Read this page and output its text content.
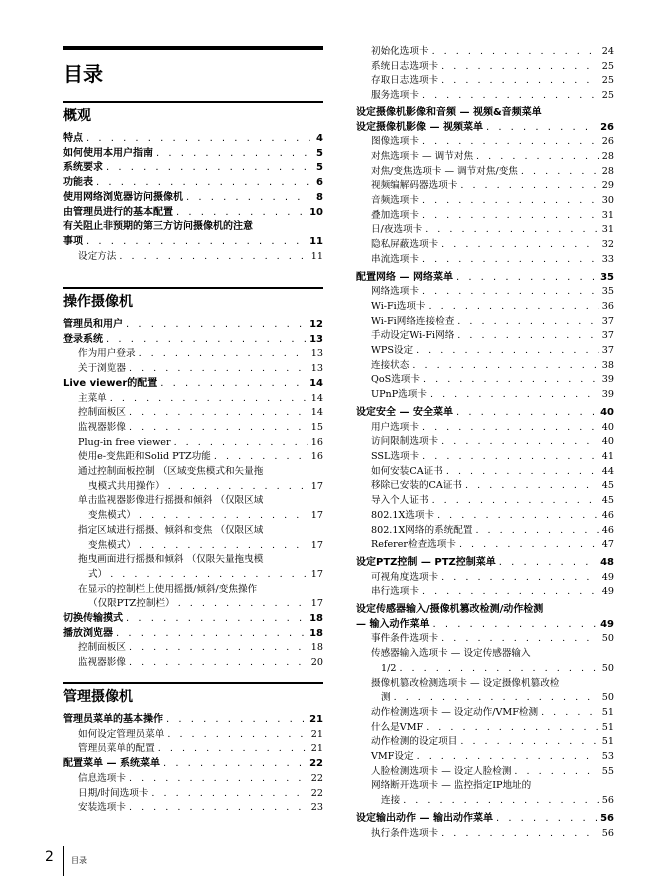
目录
概观
特点 . . .	4
如何使用本用户指南 . . .	5
系统要求 . . .	5
功能表 . . .	6
使用网络浏览器访问摄像机 . . .	8
由管理员进行的基本配置 . . .	10
有关阻止非预期的第三方访问摄像机的注意
事项 . . .	11
设定方法 . . .	11
操作摄像机
管理员和用户 . . .	12
登录系统 . . .	13
作为用户登录 . . .	13
关于浏览器 . . .	13
Live viewer的配置 . . .	14
主菜单 . . .	14
控制面板区 . . .	14
监视器影像 . . .	15
Plug-in free viewer . . .	16
使用e-变焦距和Solid PTZ功能 . . .	16
通过控制面板控制 （区域变焦模式和矢量拖
曳模式共用操作） . . .	17
单击监视器影像进行摇摄和倾斜 （仅限区域
变焦模式） . . .	17
指定区域进行摇摄、倾斜和变焦 （仅限区域
变焦模式） . . .	17
拖曳画面进行摇摄和倾斜 （仅限矢量拖曳模
式） . . .	17
在显示的控制栏上使用摇摄/倾斜/变焦操作
（仅限PTZ控制栏） . . .	17
切换传输摸式 . . .	18
播放浏览器 . . .	18
控制面板区 . . .	18
监视器影像 . . .	20
管理摄像机
管理员菜单的基本操作 . . .	21
如何设定管理员菜单 . . .	21
管理员菜单的配置 . . .	21
配置菜单 — 系统菜单 . . .	22
信息选项卡 . . .	22
日期/时间选项卡 . . .	22
安装选项卡 . . .	23
初始化选项卡 . . .	24
系统日志选项卡 . . .	25
存取日志选项卡 . . .	25
服务选项卡 . . .	25
设定摄像机影像和音频 — 视频&音频菜单
设定摄像机影像 — 视频菜单 . . .	26
图像选项卡 . . .	26
对焦选项卡 — 调节对焦 . . .	28
对焦/变焦选项卡 — 调节对焦/变焦 . . .	28
视频编解码器选项卡 . . .	29
音频选项卡 . . .	30
叠加选项卡 . . .	31
日/夜选项卡 . . .	31
隐私屏蔽选项卡 . . .	32
串流选项卡 . . .	33
配置网络 — 网络菜单 . . .	35
网络选项卡 . . .	35
Wi-Fi选项卡 . . .	36
Wi-Fi网络连接检查 . . .	37
手动设定Wi-Fi网络 . . .	37
WPS设定 . . .	37
连接状态 . . .	38
QoS选项卡 . . .	39
UPnP选项卡 . . .	39
设定安全 — 安全菜单 . . .	40
用户选项卡 . . .	40
访问限制选项卡 . . .	40
SSL选项卡 . . .	41
如何安装CA证书 . . .	44
移除已安装的CA证书 . . .	45
导入个人证书 . . .	45
802.1X选项卡 . . .	46
802.1X网络的系统配置 . . .	46
Referer检查选项卡 . . .	47
设定PTZ控制 — PTZ控制菜单 . . .	48
可视角度选项卡 . . .	49
串行选项卡 . . .	49
设定传感器输入/摄像机篡改检测/动作检测
— 输入动作菜单 . . .	49
事件条件选项卡 . . .	50
传感器输入选项卡 — 设定传感器输入
1/2 . . .	50
摄像机篡改检测选项卡 — 设定摄像机篡改检
测 . . .	50
动作检测选项卡 — 设定动作/VMF检测 . . .	51
什么是VMF . . .	51
动作检测的设定项目 . . .	51
VMF设定 . . .	53
人脸检测选项卡 — 设定人脸检测 . . .	55
网络断开选项卡 — 监控指定IP地址的
连接 . . .	56
设定输出动作 — 输出动作菜单 . . .	56
执行条件选项卡 . . .	56
2 目录
